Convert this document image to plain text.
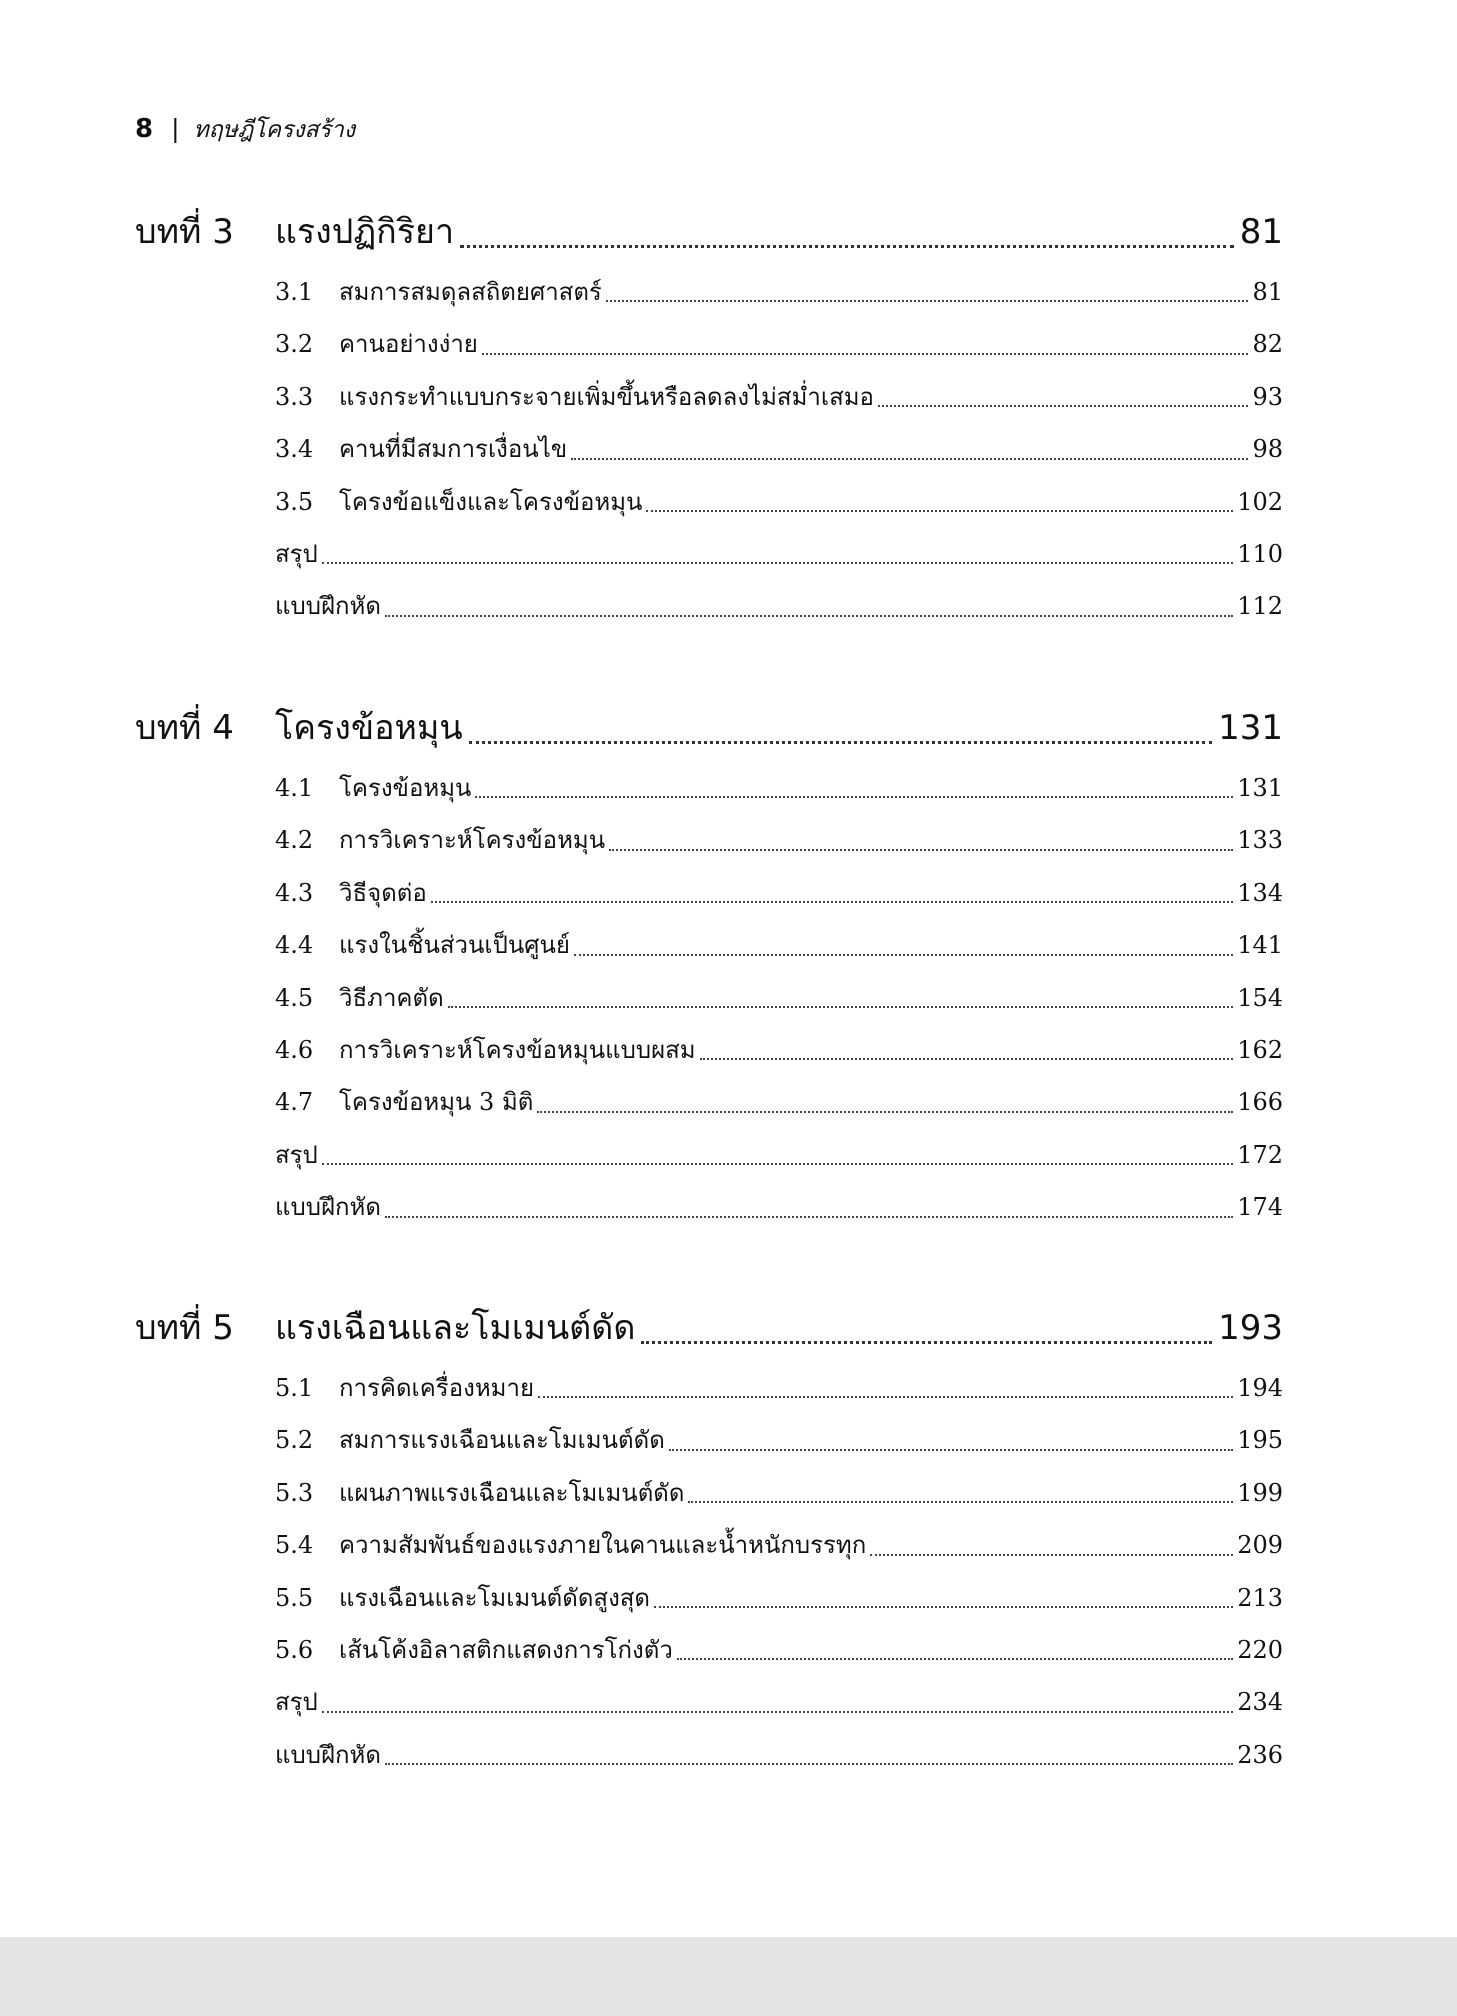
8 | ทฤษฎีโครงสร้าง
บทที่ 3	แรงปฏิกิริยา	81
3.1	สมการสมดุลสถิตยศาสตร์	81
3.2	คานอย่างง่าย	82
3.3	แรงกระทำแบบกระจายเพิ่มขึ้นหรือลดลงไม่สม่ำเสมอ	93
3.4	คานที่มีสมการเงื่อนไข	98
3.5	โครงข้อแข็งและโครงข้อหมุน	102
สรุป	110
แบบฝึกหัด	112
บทที่ 4	โครงข้อหมุน	131
4.1	โครงข้อหมุน	131
4.2	การวิเคราะห์โครงข้อหมุน	133
4.3	วิธีจุดต่อ	134
4.4	แรงในชิ้นส่วนเป็นศูนย์	141
4.5	วิธีภาคตัด	154
4.6	การวิเคราะห์โครงข้อหมุนแบบผสม	162
4.7	โครงข้อหมุน 3 มิติ	166
สรุป	172
แบบฝึกหัด	174
บทที่ 5	แรงเฉือนและโมเมนต์ดัด	193
5.1	การคิดเครื่องหมาย	194
5.2	สมการแรงเฉือนและโมเมนต์ดัด	195
5.3	แผนภาพแรงเฉือนและโมเมนต์ดัด	199
5.4	ความสัมพันธ์ของแรงภายในคานและน้ำหนักบรรทุก	209
5.5	แรงเฉือนและโมเมนต์ดัดสูงสุด	213
5.6	เส้นโค้งอิลาสติกแสดงการโก่งตัว	220
สรุป	234
แบบฝึกหัด	236
